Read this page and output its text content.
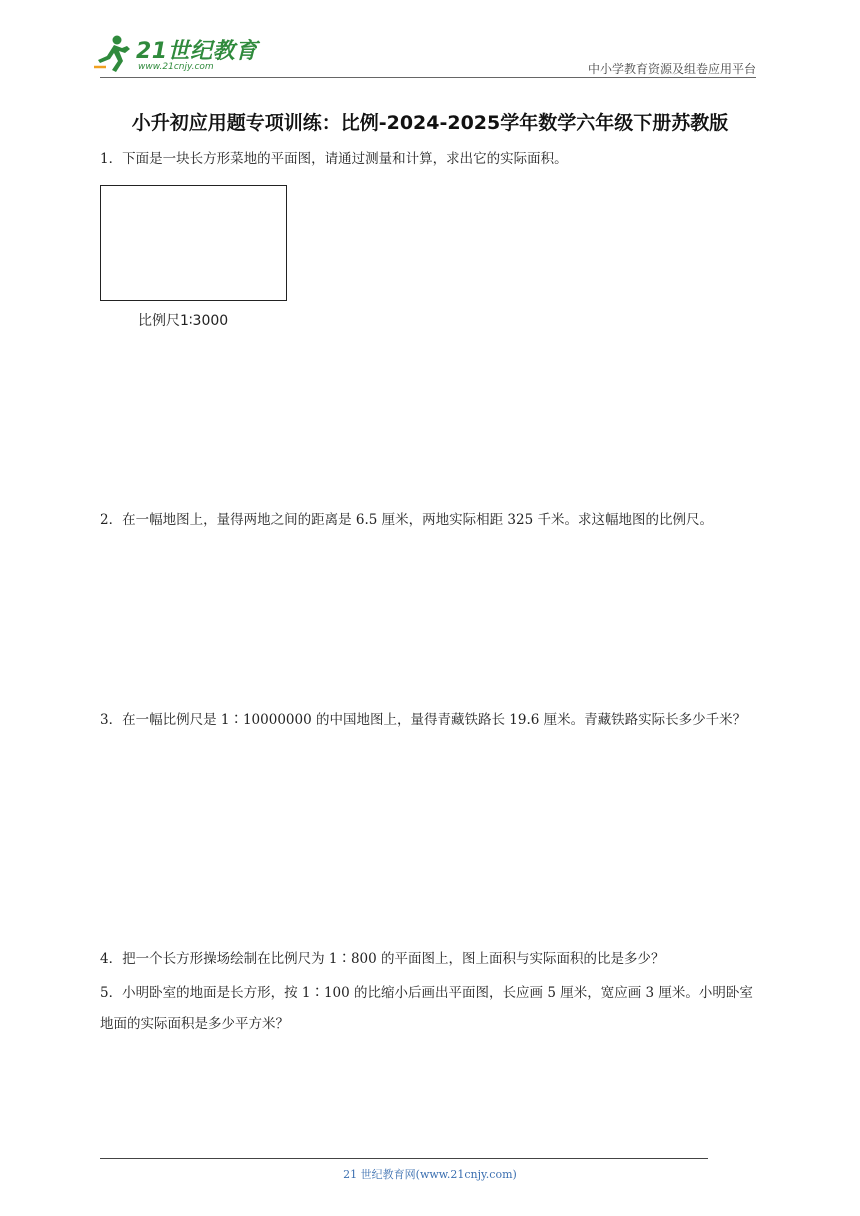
21世纪教育
www.21cnjy.com	中小学教育资源及组卷应用平台
小升初应用题专项训练：比例-2024-2025学年数学六年级下册苏教版
1．下面是一块长方形菜地的平面图，请通过测量和计算，求出它的实际面积。
比例尺1∶3000
2．在一幅地图上，量得两地之间的距离是 6.5 厘米，两地实际相距 325 千米。求这幅地图的比例尺。
3．在一幅比例尺是 1∶10000000 的中国地图上，量得青藏铁路长 19.6 厘米。青藏铁路实际长多少千米？
4．把一个长方形操场绘制在比例尺为 1∶800 的平面图上，图上面积与实际面积的比是多少？
5．小明卧室的地面是长方形，按 1∶100 的比缩小后画出平面图，长应画 5 厘米，宽应画 3 厘米。小明卧室地面的实际面积是多少平方米？
21 世纪教育网(www.21cnjy.com)
